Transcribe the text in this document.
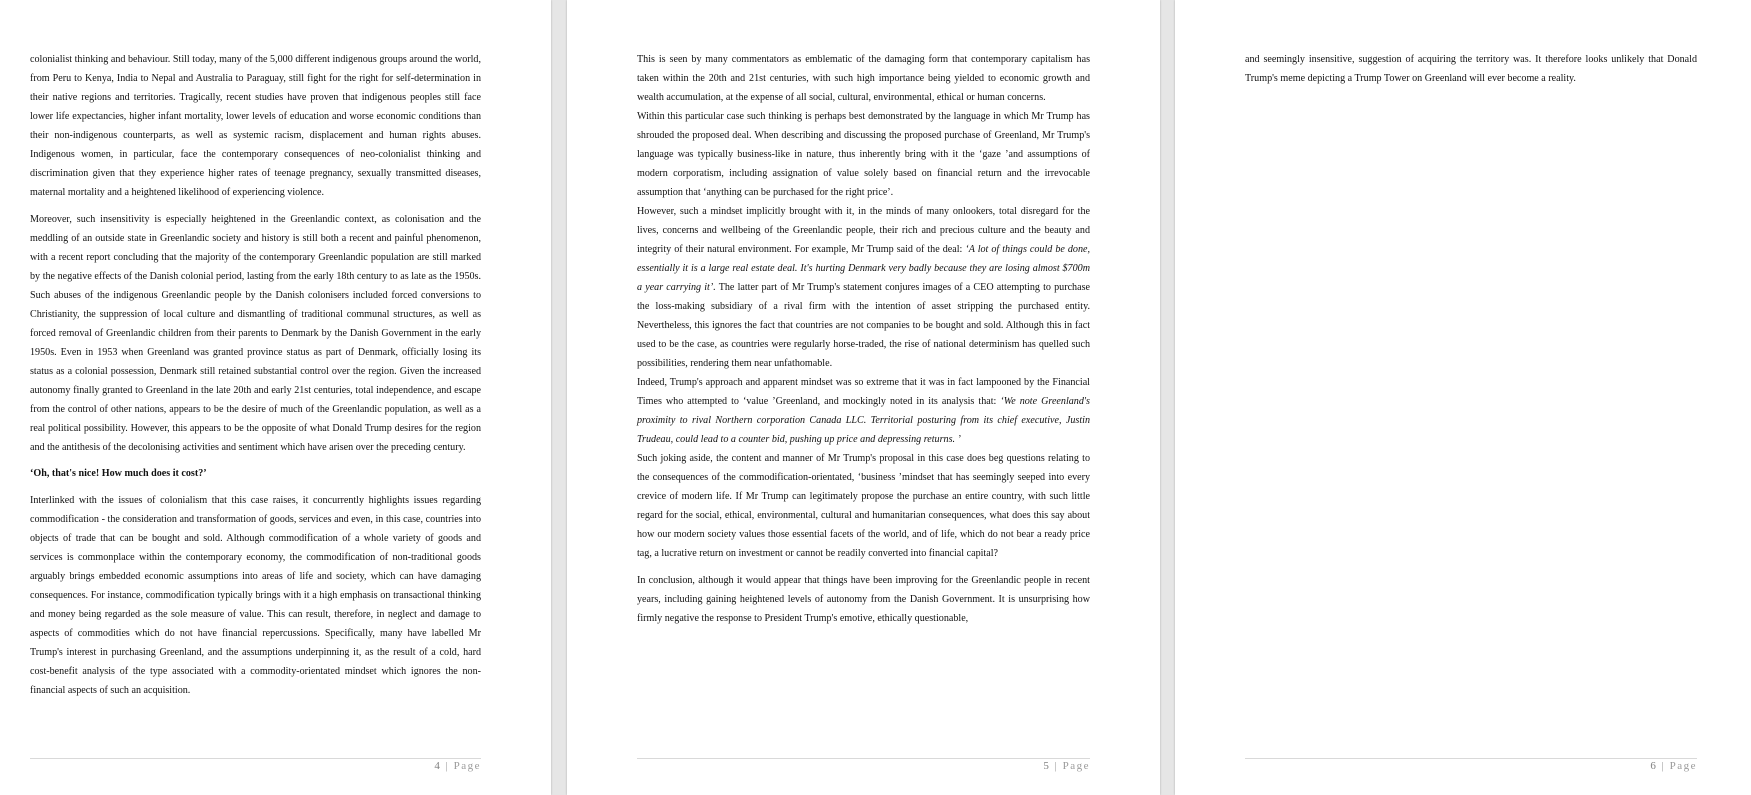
colonialist thinking and behaviour. Still today, many of the 5,000 different indigenous groups around the world, from Peru to Kenya, India to Nepal and Australia to Paraguay, still fight for the right for self-determination in their native regions and territories. Tragically, recent studies have proven that indigenous peoples still face lower life expectancies, higher infant mortality, lower levels of education and worse economic conditions than their non-indigenous counterparts, as well as systemic racism, displacement and human rights abuses. Indigenous women, in particular, face the contemporary consequences of neo-colonialist thinking and discrimination given that they experience higher rates of teenage pregnancy, sexually transmitted diseases, maternal mortality and a heightened likelihood of experiencing violence.

Moreover, such insensitivity is especially heightened in the Greenlandic context, as colonisation and the meddling of an outside state in Greenlandic society and history is still both a recent and painful phenomenon, with a recent report concluding that the majority of the contemporary Greenlandic population are still marked by the negative effects of the Danish colonial period, lasting from the early 18th century to as late as the 1950s. Such abuses of the indigenous Greenlandic people by the Danish colonisers included forced conversions to Christianity, the suppression of local culture and dismantling of traditional communal structures, as well as forced removal of Greenlandic children from their parents to Denmark by the Danish Government in the early 1950s. Even in 1953 when Greenland was granted province status as part of Denmark, officially losing its status as a colonial possession, Denmark still retained substantial control over the region. Given the increased autonomy finally granted to Greenland in the late 20th and early 21st centuries, total independence, and escape from the control of other nations, appears to be the desire of much of the Greenlandic population, as well as a real political possibility. However, this appears to be the opposite of what Donald Trump desires for the region and the antithesis of the decolonising activities and sentiment which have arisen over the preceding century.

‘Oh, that's nice! How much does it cost?’

Interlinked with the issues of colonialism that this case raises, it concurrently highlights issues regarding commodification - the consideration and transformation of goods, services and even, in this case, countries into objects of trade that can be bought and sold. Although commodification of a whole variety of goods and services is commonplace within the contemporary economy, the commodification of non-traditional goods arguably brings embedded economic assumptions into areas of life and society, which can have damaging consequences. For instance, commodification typically brings with it a high emphasis on transactional thinking and money being regarded as the sole measure of value. This can result, therefore, in neglect and damage to aspects of commodities which do not have financial repercussions. Specifically, many have labelled Mr Trump's interest in purchasing Greenland, and the assumptions underpinning it, as the result of a cold, hard cost-benefit analysis of the type associated with a commodity-orientated mindset which ignores the non-financial aspects of such an acquisition.

4 | Page

This is seen by many commentators as emblematic of the damaging form that contemporary capitalism has taken within the 20th and 21st centuries, with such high importance being yielded to economic growth and wealth accumulation, at the expense of all social, cultural, environmental, ethical or human concerns.

Within this particular case such thinking is perhaps best demonstrated by the language in which Mr Trump has shrouded the proposed deal. When describing and discussing the proposed purchase of Greenland, Mr Trump's language was typically business-like in nature, thus inherently bring with it the ‘gaze ’and assumptions of modern corporatism, including assignation of value solely based on financial return and the irrevocable assumption that ‘anything can be purchased for the right price’.

However, such a mindset implicitly brought with it, in the minds of many onlookers, total disregard for the lives, concerns and wellbeing of the Greenlandic people, their rich and precious culture and the beauty and integrity of their natural environment. For example, Mr Trump said of the deal: ‘A lot of things could be done, essentially it is a large real estate deal. It's hurting Denmark very badly because they are losing almost $700m a year carrying it’. The latter part of Mr Trump's statement conjures images of a CEO attempting to purchase the loss-making subsidiary of a rival firm with the intention of asset stripping the purchased entity. Nevertheless, this ignores the fact that countries are not companies to be bought and sold. Although this in fact used to be the case, as countries were regularly horse-traded, the rise of national determinism has quelled such possibilities, rendering them near unfathomable.

Indeed, Trump's approach and apparent mindset was so extreme that it was in fact lampooned by the Financial Times who attempted to ‘value ’Greenland, and mockingly noted in its analysis that: ‘We note Greenland's proximity to rival Northern corporation Canada LLC. Territorial posturing from its chief executive, Justin Trudeau, could lead to a counter bid, pushing up price and depressing returns. ’

Such joking aside, the content and manner of Mr Trump's proposal in this case does beg questions relating to the consequences of the commodification-orientated, ‘business ’mindset that has seemingly seeped into every crevice of modern life. If Mr Trump can legitimately propose the purchase an entire country, with such little regard for the social, ethical, environmental, cultural and humanitarian consequences, what does this say about how our modern society values those essential facets of the world, and of life, which do not bear a ready price tag, a lucrative return on investment or cannot be readily converted into financial capital?

In conclusion, although it would appear that things have been improving for the Greenlandic people in recent years, including gaining heightened levels of autonomy from the Danish Government. It is unsurprising how firmly negative the response to President Trump's emotive, ethically questionable,

5 | Page

and seemingly insensitive, suggestion of acquiring the territory was. It therefore looks unlikely that Donald Trump's meme depicting a Trump Tower on Greenland will ever become a reality.

6 | Page
